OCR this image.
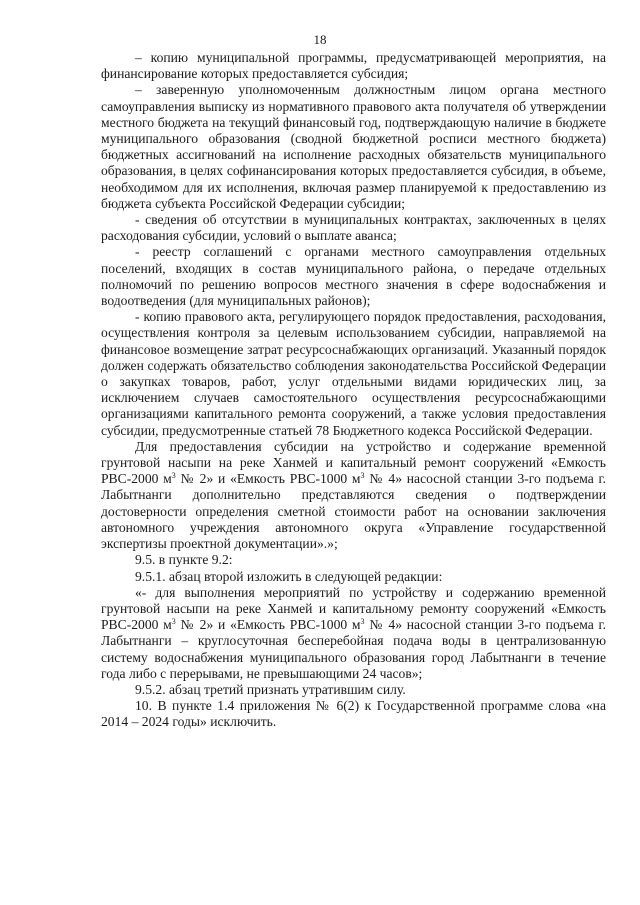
18

– копию муниципальной программы, предусматривающей мероприятия, на финансирование которых предоставляется субсидия;

– заверенную уполномоченным должностным лицом органа местного самоуправления выписку из нормативного правового акта получателя об утверждении местного бюджета на текущий финансовый год, подтверждающую наличие в бюджете муниципального образования (сводной бюджетной росписи местного бюджета) бюджетных ассигнований на исполнение расходных обязательств муниципального образования, в целях софинансирования которых предоставляется субсидия, в объеме, необходимом для их исполнения, включая размер планируемой к предоставлению из бюджета субъекта Российской Федерации субсидии;

- сведения об отсутствии в муниципальных контрактах, заключенных в целях расходования субсидии, условий о выплате аванса;

- реестр соглашений с органами местного самоуправления отдельных поселений, входящих в состав муниципального района, о передаче отдельных полномочий по решению вопросов местного значения в сфере водоснабжения и водоотведения (для муниципальных районов);

- копию правового акта, регулирующего порядок предоставления, расходования, осуществления контроля за целевым использованием субсидии, направляемой на финансовое возмещение затрат ресурсоснабжающих организаций. Указанный порядок должен содержать обязательство соблюдения законодательства Российской Федерации о закупках товаров, работ, услуг отдельными видами юридических лиц, за исключением случаев самостоятельного осуществления ресурсоснабжающими организациями капитального ремонта сооружений, а также условия предоставления субсидии, предусмотренные статьей 78 Бюджетного кодекса Российской Федерации.

Для предоставления субсидии на устройство и содержание временной грунтовой насыпи на реке Ханмей и капитальный ремонт сооружений «Емкость РВС-2000 $м^3$ № 2» и «Емкость РВС-1000 $м^3$ № 4» насосной станции 3-го подъема г. Лабытнанги дополнительно представляются сведения о подтверждении достоверности определения сметной стоимости работ на основании заключения автономного учреждения автономного округа «Управление государственной экспертизы проектной документации».»;

9.5. в пункте 9.2:

9.5.1. абзац второй изложить в следующей редакции:

«- для выполнения мероприятий по устройству и содержанию временной грунтовой насыпи на реке Ханмей и капитальному ремонту сооружений «Емкость РВС-2000 $м^3$ № 2» и «Емкость РВС-1000 $м^3$ № 4» насосной станции 3-го подъема г. Лабытнанги – круглосуточная бесперебойная подача воды в централизованную систему водоснабжения муниципального образования город Лабытнанги в течение года либо с перерывами, не превышающими 24 часов»;

9.5.2. абзац третий признать утратившим силу.

10. В пункте 1.4 приложения № 6(2) к Государственной программе слова «на 2014 – 2024 годы» исключить.
